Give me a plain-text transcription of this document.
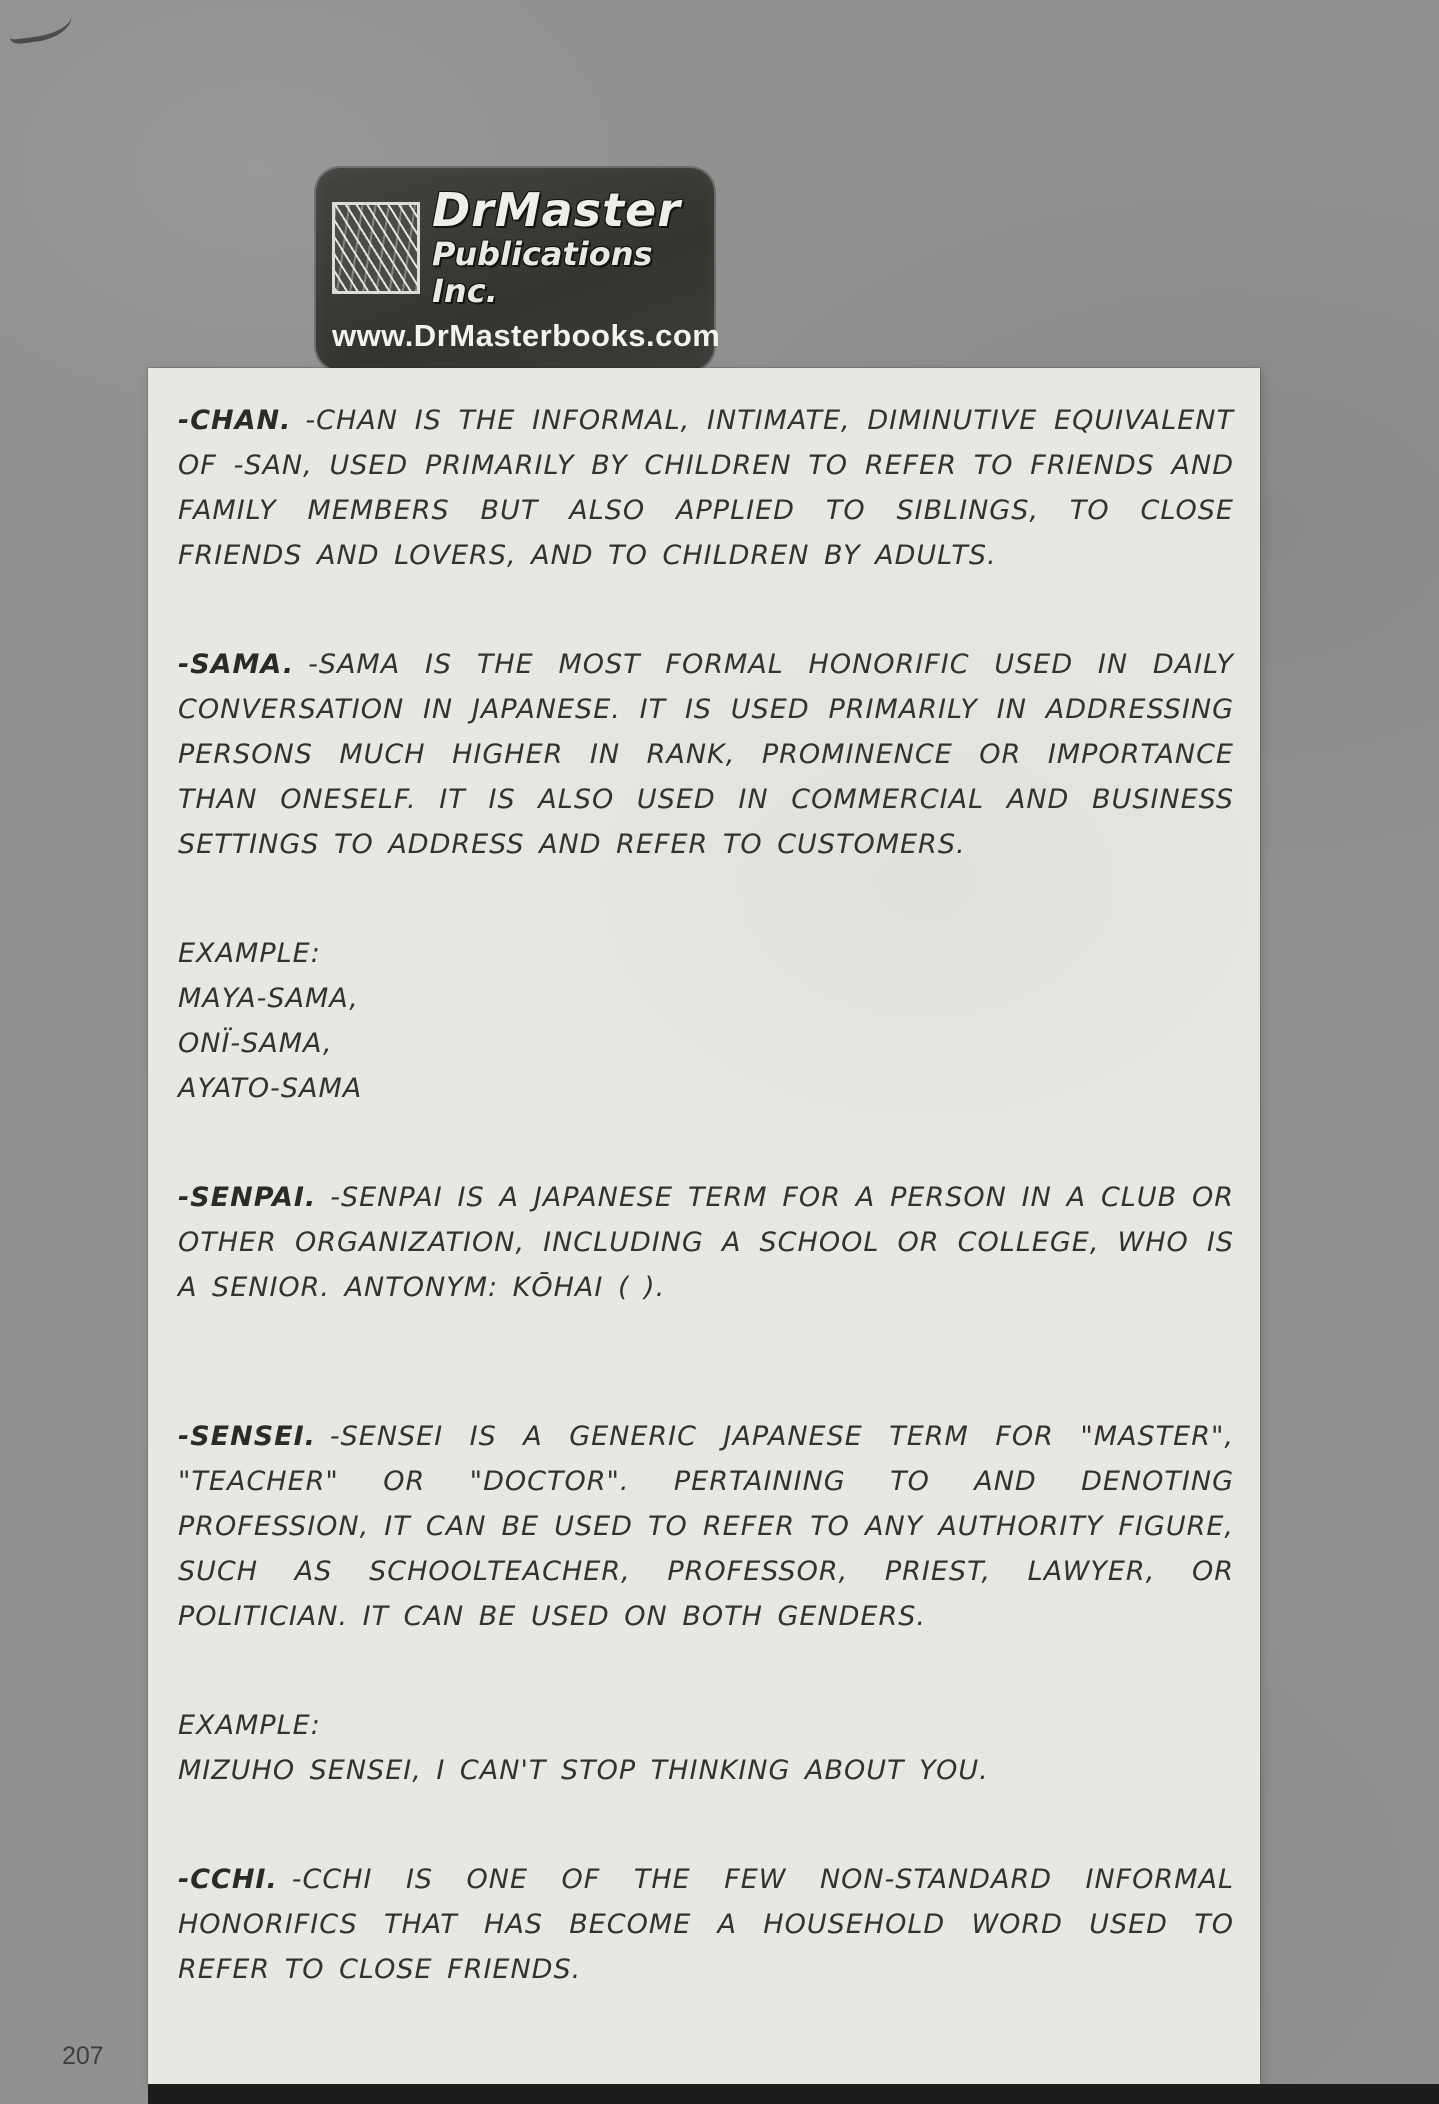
DrMaster
Publications Inc.
www.DrMasterbooks.com

-CHAN. -CHAN IS THE INFORMAL, INTIMATE, DIMINUTIVE EQUIVALENT OF -SAN, USED PRIMARILY BY CHILDREN TO REFER TO FRIENDS AND FAMILY MEMBERS BUT ALSO APPLIED TO SIBLINGS, TO CLOSE FRIENDS AND LOVERS, AND TO CHILDREN BY ADULTS.

-SAMA. -SAMA IS THE MOST FORMAL HONORIFIC USED IN DAILY CONVERSATION IN JAPANESE. IT IS USED PRIMARILY IN ADDRESSING PERSONS MUCH HIGHER IN RANK, PROMINENCE OR IMPORTANCE THAN ONESELF. IT IS ALSO USED IN COMMERCIAL AND BUSINESS SETTINGS TO ADDRESS AND REFER TO CUSTOMERS.

EXAMPLE:
MAYA-SAMA,
ONÏ-SAMA,
AYATO-SAMA

-SENPAI. -SENPAI IS A JAPANESE TERM FOR A PERSON IN A CLUB OR OTHER ORGANIZATION, INCLUDING A SCHOOL OR COLLEGE, WHO IS A SENIOR. ANTONYM: KŌHAI ( ).

-SENSEI. -SENSEI IS A GENERIC JAPANESE TERM FOR "MASTER", "TEACHER" OR "DOCTOR". PERTAINING TO AND DENOTING PROFESSION, IT CAN BE USED TO REFER TO ANY AUTHORITY FIGURE, SUCH AS SCHOOLTEACHER, PROFESSOR, PRIEST, LAWYER, OR POLITICIAN. IT CAN BE USED ON BOTH GENDERS.

EXAMPLE:
MIZUHO SENSEI, I CAN'T STOP THINKING ABOUT YOU.

-CCHI. -CCHI IS ONE OF THE FEW NON-STANDARD INFORMAL HONORIFICS THAT HAS BECOME A HOUSEHOLD WORD USED TO REFER TO CLOSE FRIENDS.

207
